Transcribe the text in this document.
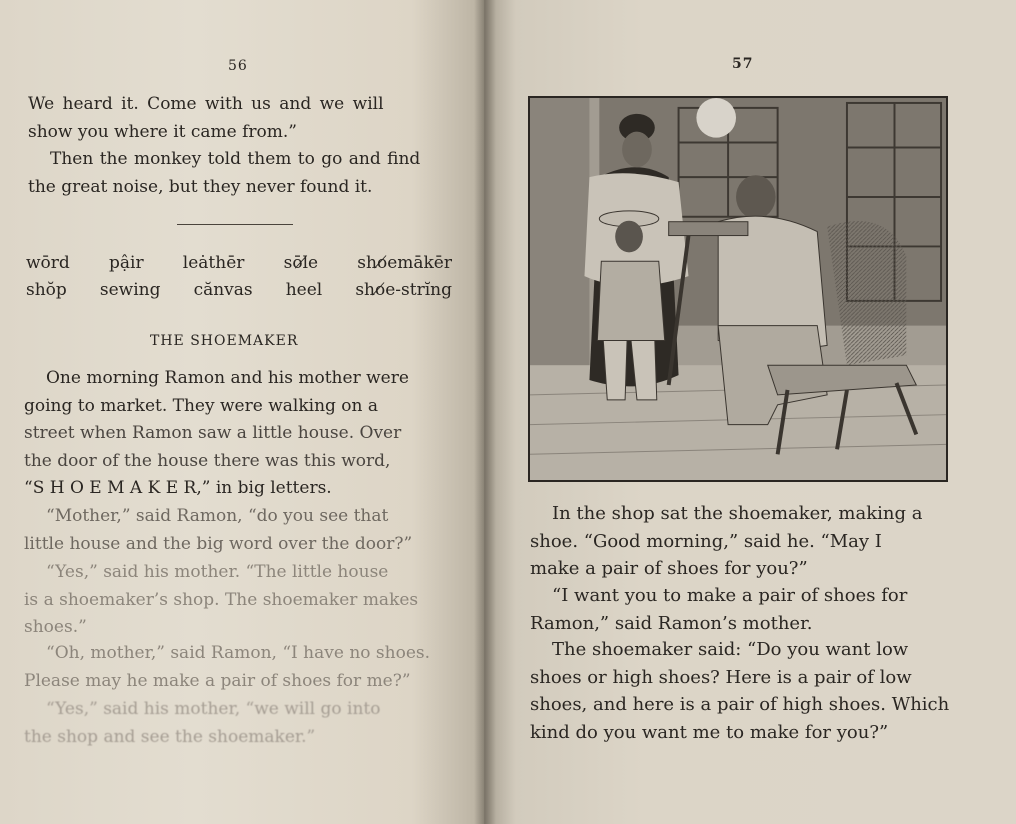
56
We heard it. Come with us and we will
show you where it came from.”
Then the monkey told them to go and find
the great noise, but they never found it.
wōrd pậir leȧthēr sōl̸e sho̸emākēr
shŏp sewing cănvas heel sho̸e-strĭng
THE SHOEMAKER
One morning Ramon and his mother were
going to market. They were walking on a
street when Ramon saw a little house. Over
the door of the house there was this word,
“S H O E M A K E R,” in big letters.
“Mother,” said Ramon, “do you see that
little house and the big word over the door?”
“Yes,” said his mother. “The little house
is a shoemaker’s shop. The shoemaker makes
shoes.”
“Oh, mother,” said Ramon, “I have no shoes.
Please may he make a pair of shoes for me?”
“Yes,” said his mother, “we will go into
the shop and see the shoemaker.”
57
In the shop sat the shoemaker, making a
shoe. “Good morning,” said he. “May I
make a pair of shoes for you?”
“I want you to make a pair of shoes for
Ramon,” said Ramon’s mother.
The shoemaker said: “Do you want low
shoes or high shoes? Here is a pair of low
shoes, and here is a pair of high shoes. Which
kind do you want me to make for you?”
